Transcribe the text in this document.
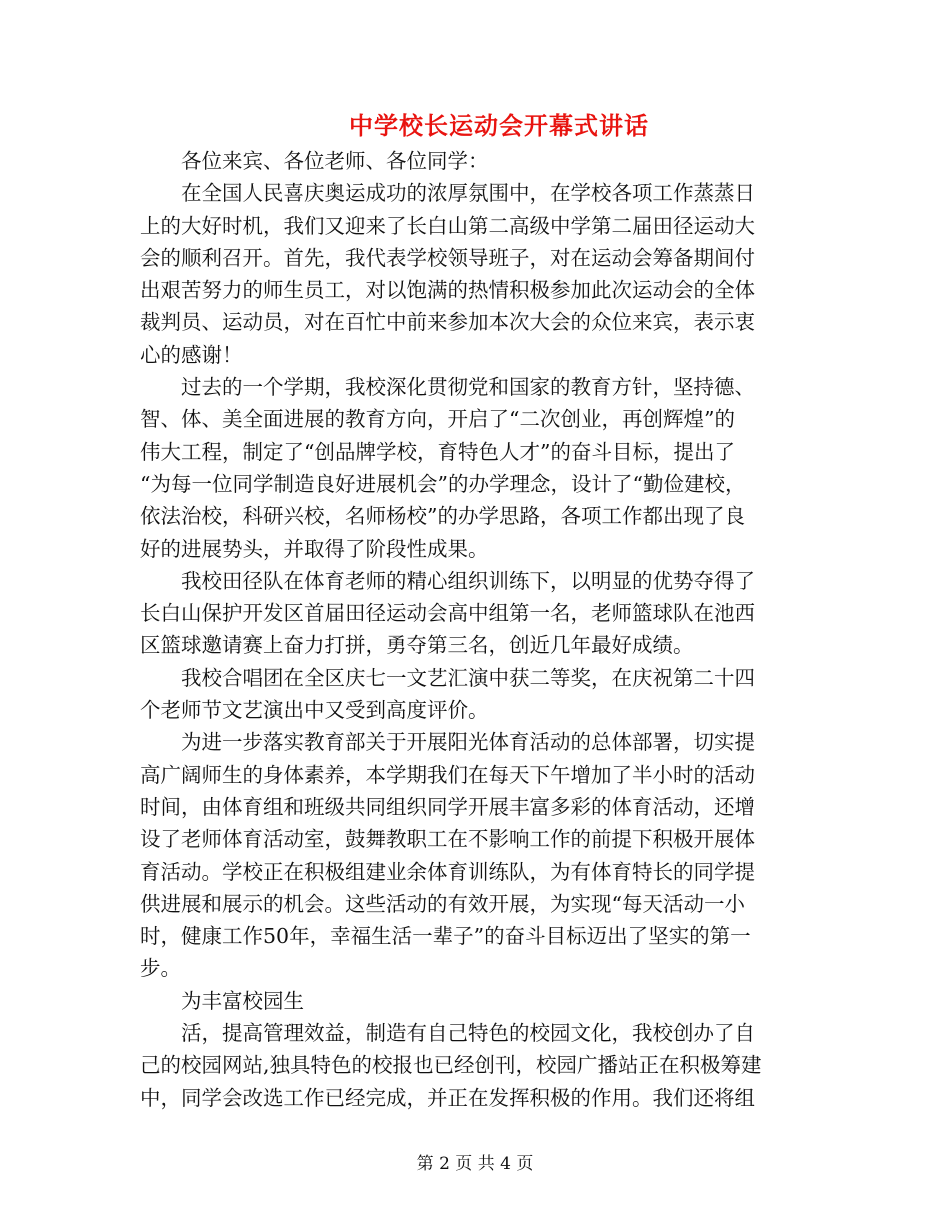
中学校长运动会开幕式讲话

各位来宾、各位老师、各位同学：

在全国人民喜庆奥运成功的浓厚氛围中，在学校各项工作蒸蒸日
上的大好时机，我们又迎来了长白山第二高级中学第二届田径运动大
会的顺利召开。首先，我代表学校领导班子，对在运动会筹备期间付
出艰苦努力的师生员工，对以饱满的热情积极参加此次运动会的全体
裁判员、运动员，对在百忙中前来参加本次大会的众位来宾，表示衷
心的感谢！

过去的一个学期，我校深化贯彻党和国家的教育方针，坚持德、
智、体、美全面进展的教育方向，开启了“二次创业，再创辉煌”的
伟大工程，制定了“创品牌学校，育特色人才”的奋斗目标，提出了
“为每一位同学制造良好进展机会”的办学理念，设计了“勤俭建校，
依法治校，科研兴校，名师杨校”的办学思路，各项工作都出现了良
好的进展势头，并取得了阶段性成果。

我校田径队在体育老师的精心组织训练下，以明显的优势夺得了
长白山保护开发区首届田径运动会高中组第一名，老师篮球队在池西
区篮球邀请赛上奋力打拼，勇夺第三名，创近几年最好成绩。

我校合唱团在全区庆七一文艺汇演中获二等奖，在庆祝第二十四
个老师节文艺演出中又受到高度评价。

为进一步落实教育部关于开展阳光体育活动的总体部署，切实提
高广阔师生的身体素养，本学期我们在每天下午增加了半小时的活动
时间，由体育组和班级共同组织同学开展丰富多彩的体育活动，还增
设了老师体育活动室，鼓舞教职工在不影响工作的前提下积极开展体
育活动。学校正在积极组建业余体育训练队，为有体育特长的同学提
供进展和展示的机会。这些活动的有效开展，为实现“每天活动一小
时，健康工作50年，幸福生活一辈子”的奋斗目标迈出了坚实的第一
步。

为丰富校园生

活，提高管理效益，制造有自己特色的校园文化，我校创办了自
己的校园网站,独具特色的校报也已经创刊，校园广播站正在积极筹建
中，同学会改选工作已经完成，并正在发挥积极的作用。我们还将组

第 2 页 共 4 页
